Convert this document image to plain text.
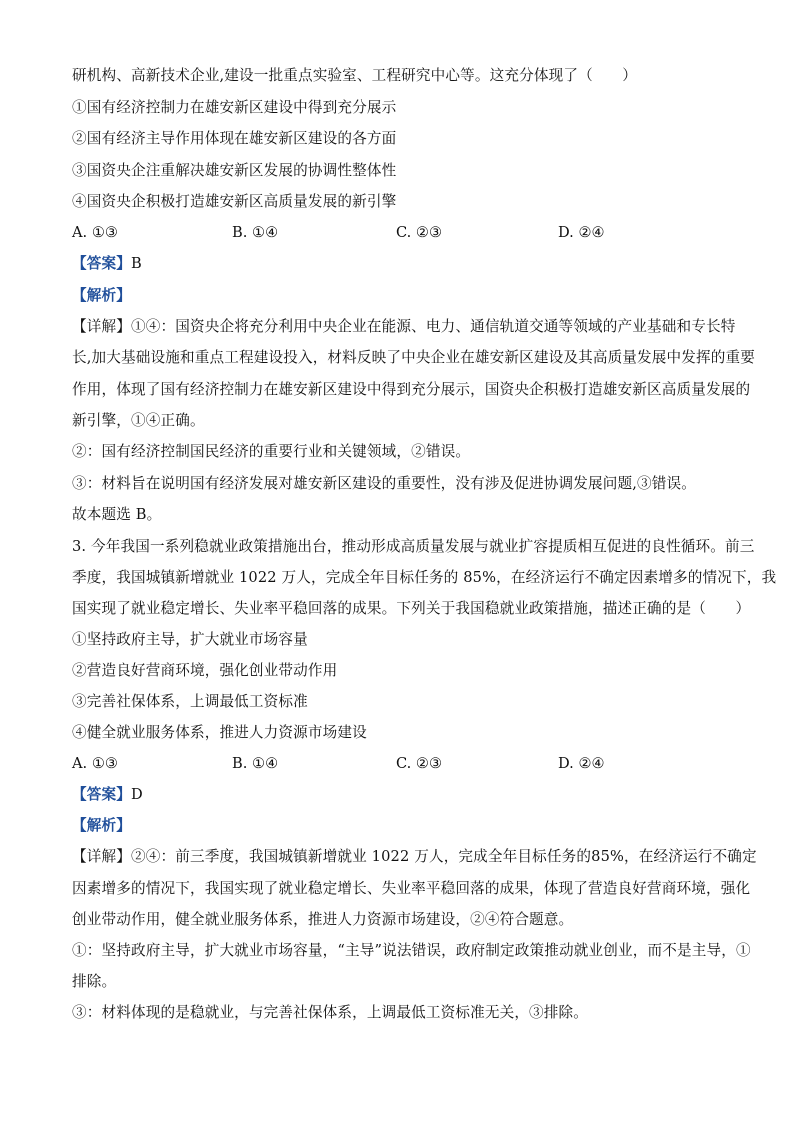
研机构、高新技术企业,建设一批重点实验室、工程研究中心等。这充分体现了（　　）
①国有经济控制力在雄安新区建设中得到充分展示
②国有经济主导作用体现在雄安新区建设的各方面
③国资央企注重解决雄安新区发展的协调性整体性
④国资央企积极打造雄安新区高质量发展的新引擎
A. ①③	B. ①④	C. ②③	D. ②④
【答案】B
【解析】
【详解】①④：国资央企将充分利用中央企业在能源、电力、通信轨道交通等领域的产业基础和专长特
长,加大基础设施和重点工程建设投入，材料反映了中央企业在雄安新区建设及其高质量发展中发挥的重要
作用，体现了国有经济控制力在雄安新区建设中得到充分展示，国资央企积极打造雄安新区高质量发展的
新引擎，①④正确。
②：国有经济控制国民经济的重要行业和关键领域，②错误。
③：材料旨在说明国有经济发展对雄安新区建设的重要性，没有涉及促进协调发展问题,③错误。
故本题选 B。
3. 今年我国一系列稳就业政策措施出台，推动形成高质量发展与就业扩容提质相互促进的良性循环。前三
季度，我国城镇新增就业 1022 万人，完成全年目标任务的 85%，在经济运行不确定因素增多的情况下，我
国实现了就业稳定增长、失业率平稳回落的成果。下列关于我国稳就业政策措施，描述正确的是（　　）
①坚持政府主导，扩大就业市场容量
②营造良好营商环境，强化创业带动作用
③完善社保体系，上调最低工资标准
④健全就业服务体系，推进人力资源市场建设
A. ①③	B. ①④	C. ②③	D. ②④
【答案】D
【解析】
【详解】②④：前三季度，我国城镇新增就业 1022 万人，完成全年目标任务的85%，在经济运行不确定
因素增多的情况下，我国实现了就业稳定增长、失业率平稳回落的成果，体现了营造良好营商环境，强化
创业带动作用，健全就业服务体系，推进人力资源市场建设，②④符合题意。
①：坚持政府主导，扩大就业市场容量，“主导”说法错误，政府制定政策推动就业创业，而不是主导，①
排除。
③：材料体现的是稳就业，与完善社保体系，上调最低工资标准无关，③排除。
